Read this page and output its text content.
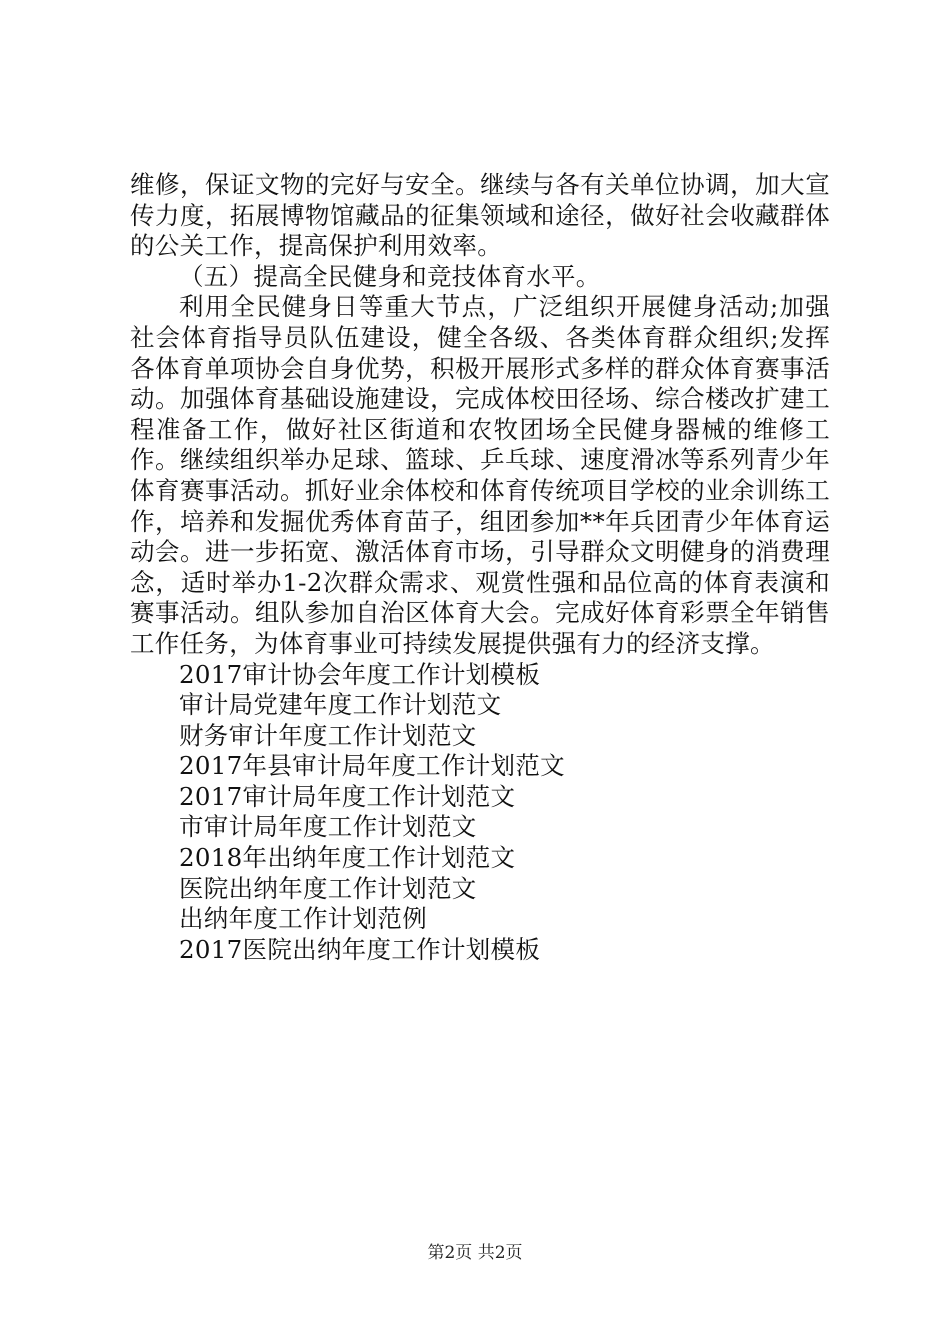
维修，保证文物的完好与安全。继续与各有关单位协调，加大宣传力度，拓展博物馆藏品的征集领域和途径，做好社会收藏群体的公关工作，提高保护利用效率。

（五）提高全民健身和竞技体育水平。

利用全民健身日等重大节点，广泛组织开展健身活动;加强社会体育指导员队伍建设，健全各级、各类体育群众组织;发挥各体育单项协会自身优势，积极开展形式多样的群众体育赛事活动。加强体育基础设施建设，完成体校田径场、综合楼改扩建工程准备工作，做好社区街道和农牧团场全民健身器械的维修工作。继续组织举办足球、篮球、乒乓球、速度滑冰等系列青少年体育赛事活动。抓好业余体校和体育传统项目学校的业余训练工作，培养和发掘优秀体育苗子，组团参加**年兵团青少年体育运动会。进一步拓宽、激活体育市场，引导群众文明健身的消费理念，适时举办1-2次群众需求、观赏性强和品位高的体育表演和赛事活动。组队参加自治区体育大会。完成好体育彩票全年销售工作任务，为体育事业可持续发展提供强有力的经济支撑。

2017审计协会年度工作计划模板
审计局党建年度工作计划范文
财务审计年度工作计划范文
2017年县审计局年度工作计划范文
2017审计局年度工作计划范文
市审计局年度工作计划范文
2018年出纳年度工作计划范文
医院出纳年度工作计划范文
出纳年度工作计划范例
2017医院出纳年度工作计划模板
第2页 共2页
